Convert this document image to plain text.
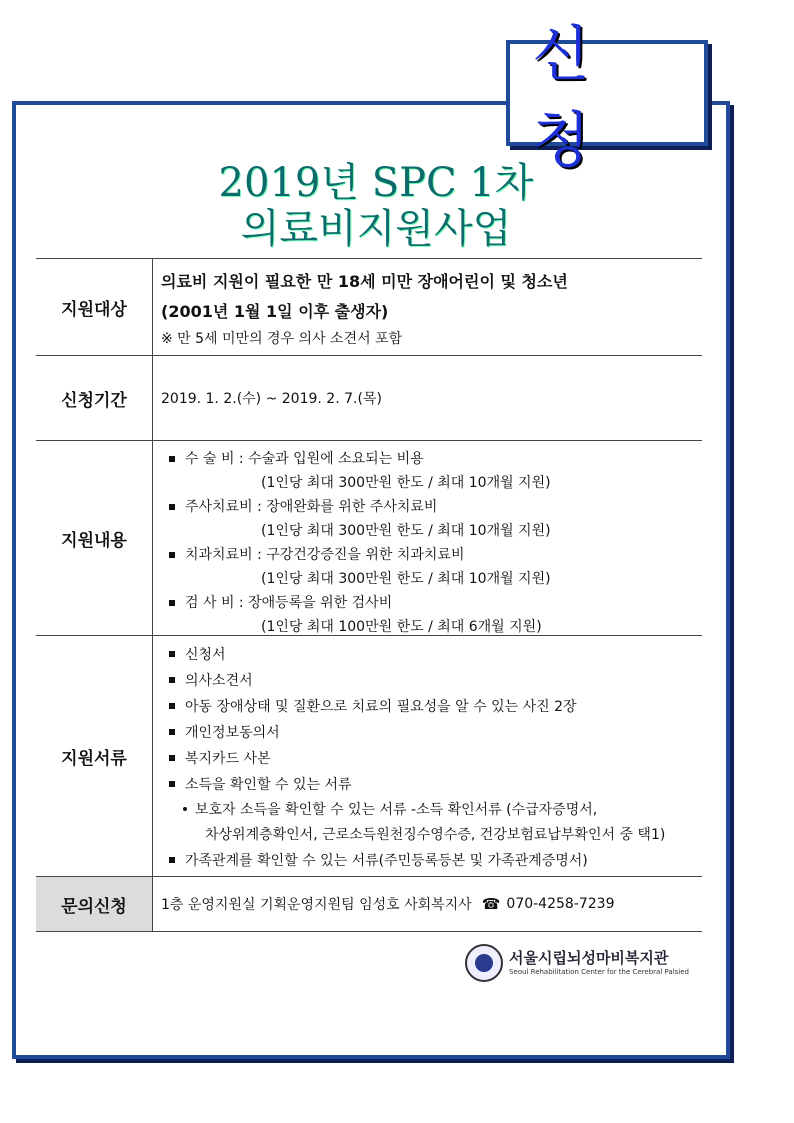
신 청
2019년 SPC 1차
의료비지원사업
지원대상
의료비 지원이 필요한 만 18세 미만 장애어린이 및 청소년
(2001년 1월 1일 이후 출생자)
※ 만 5세 미만의 경우 의사 소견서 포함
신청기간	2019. 1. 2.(수) ~ 2019. 2. 7.(목)
지원내용
수 술 비 : 수술과 입원에 소요되는 비용
(1인당 최대 300만원 한도 / 최대 10개월 지원)
주사치료비 : 장애완화를 위한 주사치료비
(1인당 최대 300만원 한도 / 최대 10개월 지원)
치과치료비 : 구강건강증진을 위한 치과치료비
(1인당 최대 300만원 한도 / 최대 10개월 지원)
검 사 비 : 장애등록을 위한 검사비
(1인당 최대 100만원 한도 / 최대 6개월 지원)
지원서류
신청서
의사소견서
아동 장애상태 및 질환으로 치료의 필요성을 알 수 있는 사진 2장
개인정보동의서
복지카드 사본
소득을 확인할 수 있는 서류
보호자 소득을 확인할 수 있는 서류 -소득 확인서류 (수급자증명서,
차상위계층확인서, 근로소득원천징수영수증, 건강보험료납부확인서 중 택1)
가족관계를 확인할 수 있는 서류(주민등록등본 및 가족관계증명서)
문의신청	1층 운영지원실 기획운영지원팀 임성호 사회복지사 ☎ 070-4258-7239
서울시립뇌성마비복지관
Seoul Rehabilitation Center for the Cerebral Palsied
